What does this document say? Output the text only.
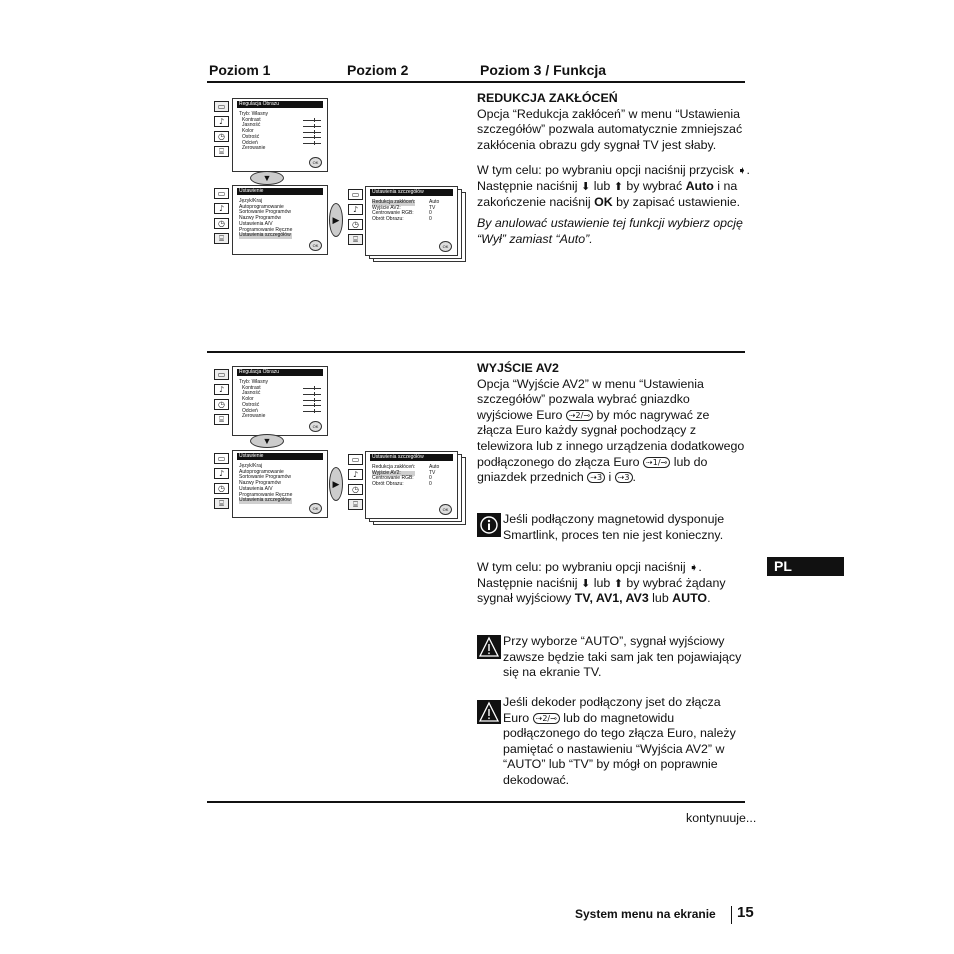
Poziom 1	Poziom 2	Poziom 3 / Funkcja
▭
♪
◷
⌸
Regulacja Obrazu
Tryb: Własny
Kontrast
Jasność
Kolor
Ostrość
Odcień
Zerowanie
OK
▼
▭
♪
◷
⌸
Ustawienie
Język/Kraj
Autoprogramowanie
Sortowanie Programów
Nazwy Programów
Ustawienia A/V
Programowanie Ręczne
Ustawienia szczegółów
OK
▶
▭
♪
◷
⌸
Ustawienia szczegółów
Redukcja zakłóceń:
Wyjście AV2:
Centrowanie RGB:
Obrót Obrazu:
Auto
TV
0
0
OK
REDUKCJA ZAKŁÓCEŃ
Opcja “Redukcja zakłóceń” w menu “Ustawienia szczegółów” pozwala automatycznie zmniejszać zakłócenia obrazu gdy sygnał TV jest słaby.
W tym celu: po wybraniu opcji naciśnij przycisk ➧. Następnie naciśnij ⬇ lub ⬆ by wybrać Auto i na zakończenie naciśnij OK by zapisać ustawienie.
By anulować ustawienie tej funkcji wybierz opcję “Wył” zamiast “Auto”.
▭
♪
◷
⌸
Regulacja Obrazu
Tryb: Własny
Kontrast
Jasność
Kolor
Ostrość
Odcień
Zerowanie
OK
▼
▭
♪
◷
⌸
Ustawienie
Język/Kraj
Autoprogramowanie
Sortowanie Programów
Nazwy Programów
Ustawienia A/V
Programowanie Ręczne
Ustawienia szczegółów
OK
▶
▭
♪
◷
⌸
Ustawienia szczegółów
Redukcja zakłóceń:
Wyjście AV2:
Centrowanie RGB:
Obrót Obrazu:
Auto
TV
0
0
OK
WYJŚCIE AV2
Opcja “Wyjście AV2” w menu “Ustawienia szczegółów” pozwala wybrać gniazdko wyjściowe Euro ⇢2/⊸ by móc nagrywać ze złącza Euro każdy sygnał pochodzący z telewizora lub z innego urządzenia dodatkowego podłączonego do złącza Euro ⇢1/⊸ lub do gniazdek przednich ⇢3 i ⇢3 .
Jeśli podłączony magnetowid dysponuje Smartlink, proces ten nie jest konieczny.
W tym celu: po wybraniu opcji naciśnij ➧. Następnie naciśnij ⬇ lub ⬆ by wybrać żądany sygnał wyjściowy TV, AV1, AV3 lub AUTO.
Przy wyborze “AUTO”, sygnał wyjściowy zawsze będzie taki sam jak ten pojawiający się na ekranie TV.
Jeśli dekoder podłączony jset do złącza Euro ⇢2/⊸ lub do magnetowidu podłączonego do tego złącza Euro, należy pamiętać o nastawieniu “Wyjścia AV2” w “AUTO” lub “TV” by mógł on poprawnie dekodować.
kontynuuje...
PL
System menu na ekranie 15
